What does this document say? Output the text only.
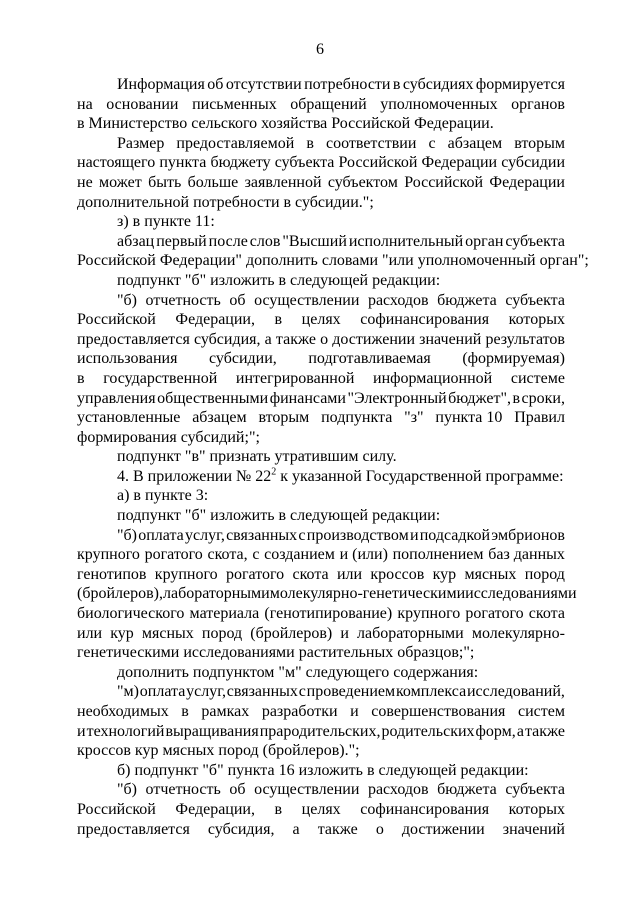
6
Информация об отсутствии потребности в субсидиях формируется
на основании письменных обращений уполномоченных органов
в Министерство сельского хозяйства Российской Федерации.
Размер предоставляемой в соответствии с абзацем вторым
настоящего пункта бюджету субъекта Российской Федерации субсидии
не может быть больше заявленной субъектом Российской Федерации
дополнительной потребности в субсидии.";
з) в пункте 11:
абзац первый после слов "Высший исполнительный орган субъекта
Российской Федерации" дополнить словами "или уполномоченный орган";
подпункт "б" изложить в следующей редакции:
"б) отчетность об осуществлении расходов бюджета субъекта
Российской Федерации, в целях софинансирования которых
предоставляется субсидия, а также о достижении значений результатов
использования субсидии, подготавливаемая (формируемая)
в государственной интегрированной информационной системе
управления общественными финансами "Электронный бюджет", в сроки,
установленные абзацем вторым подпункта "з" пункта 10 Правил
формирования субсидий;";
подпункт "в" признать утратившим силу.
4. В приложении № $22^2$ к указанной Государственной программе:
а) в пункте 3:
подпункт "б" изложить в следующей редакции:
"б) оплата услуг, связанных с производством и подсадкой эмбрионов
крупного рогатого скота, с созданием и (или) пополнением баз данных
генотипов крупного рогатого скота или кроссов кур мясных пород
(бройлеров), лабораторными молекулярно-генетическими исследованиями
биологического материала (генотипирование) крупного рогатого скота
или кур мясных пород (бройлеров) и лабораторными молекулярно-
генетическими исследованиями растительных образцов;";
дополнить подпунктом "м" следующего содержания:
"м) оплата услуг, связанных с проведением комплекса исследований,
необходимых в рамках разработки и совершенствования систем
и технологий выращивания прародительских, родительских форм, а также
кроссов кур мясных пород (бройлеров).";
б) подпункт "б" пункта 16 изложить в следующей редакции:
"б) отчетность об осуществлении расходов бюджета субъекта
Российской Федерации, в целях софинансирования которых
предоставляется субсидия, а также о достижении значений
